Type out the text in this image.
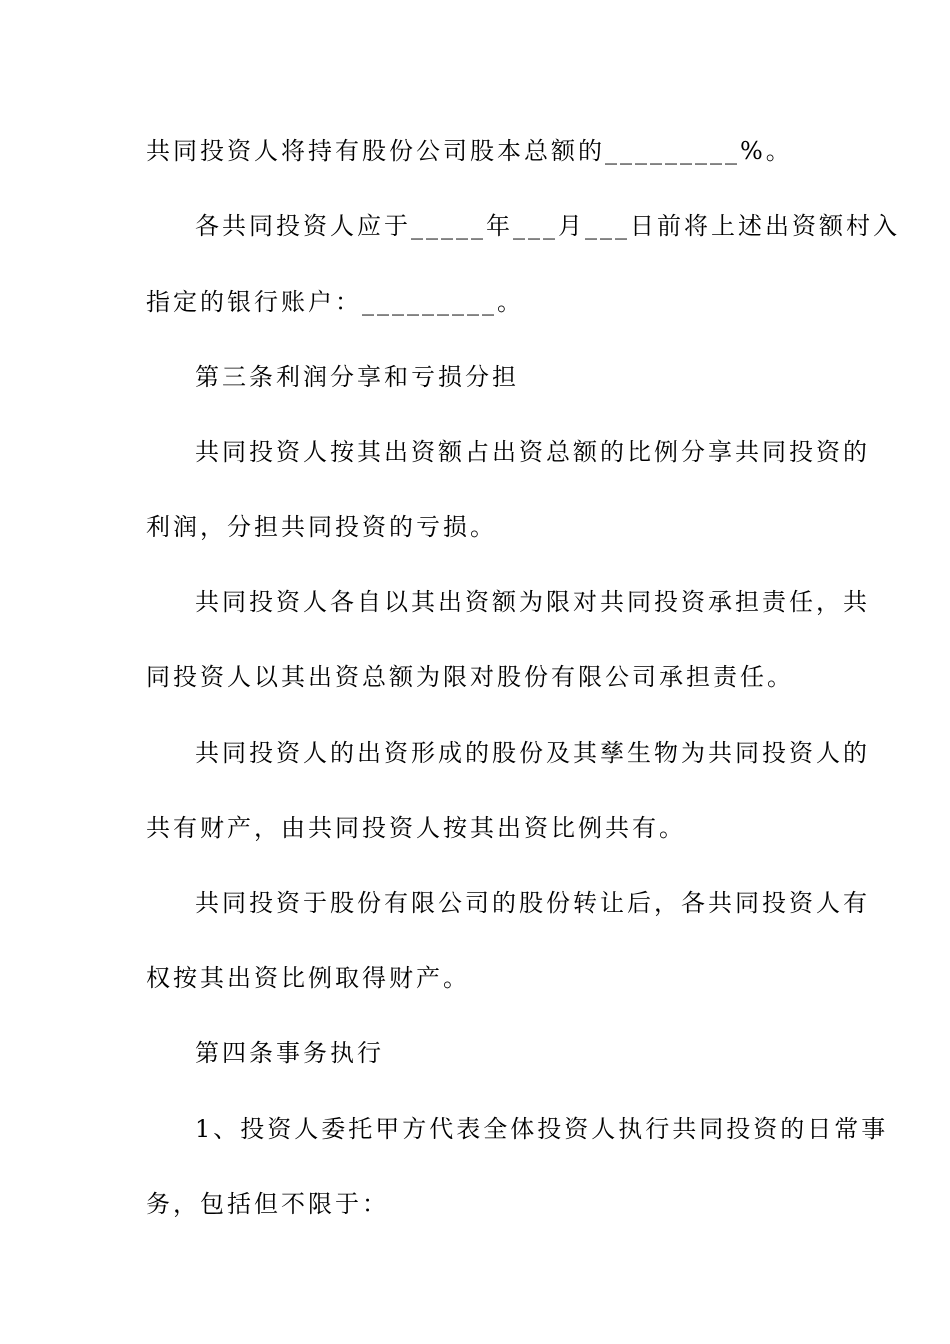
共同投资人将持有股份公司股本总额的_________%。
各共同投资人应于_____年___月___日前将上述出资额村入
指定的银行账户：_________。
第三条利润分享和亏损分担
共同投资人按其出资额占出资总额的比例分享共同投资的
利润，分担共同投资的亏损。
共同投资人各自以其出资额为限对共同投资承担责任，共
同投资人以其出资总额为限对股份有限公司承担责任。
共同投资人的出资形成的股份及其孳生物为共同投资人的
共有财产，由共同投资人按其出资比例共有。
共同投资于股份有限公司的股份转让后，各共同投资人有
权按其出资比例取得财产。
第四条事务执行
1、投资人委托甲方代表全体投资人执行共同投资的日常事
务，包括但不限于：
